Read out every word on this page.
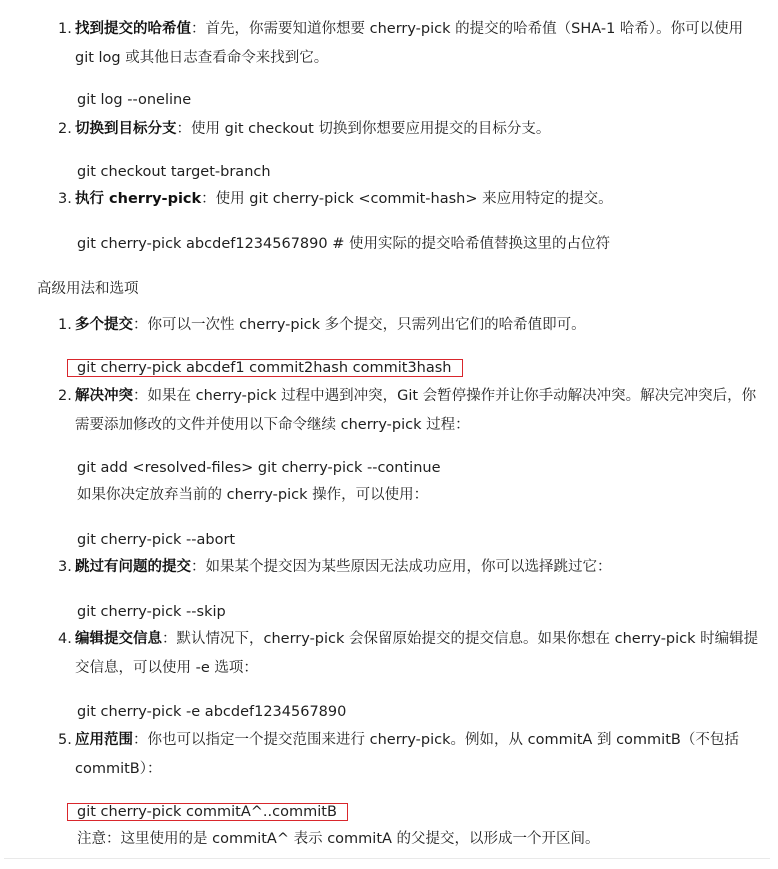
1. 找到提交的哈希值：首先，你需要知道你想要 cherry-pick 的提交的哈希值（SHA-1 哈希）。你可以使用 git log 或其他日志查看命令来找到它。
git log --oneline
2. 切换到目标分支：使用 git checkout 切换到你想要应用提交的目标分支。
git checkout target-branch
3. 执行 cherry-pick：使用 git cherry-pick <commit-hash> 来应用特定的提交。
git cherry-pick abcdef1234567890 # 使用实际的提交哈希值替换这里的占位符
高级用法和选项
1. 多个提交：你可以一次性 cherry-pick 多个提交，只需列出它们的哈希值即可。
git cherry-pick abcdef1 commit2hash commit3hash
2. 解决冲突：如果在 cherry-pick 过程中遇到冲突，Git 会暂停操作并让你手动解决冲突。解决完冲突后，你需要添加修改的文件并使用以下命令继续 cherry-pick 过程：
git add <resolved-files> git cherry-pick --continue
如果你决定放弃当前的 cherry-pick 操作，可以使用：
git cherry-pick --abort
3. 跳过有问题的提交：如果某个提交因为某些原因无法成功应用，你可以选择跳过它：
git cherry-pick --skip
4. 编辑提交信息：默认情况下，cherry-pick 会保留原始提交的提交信息。如果你想在 cherry-pick 时编辑提交信息，可以使用 -e 选项：
git cherry-pick -e abcdef1234567890
5. 应用范围：你也可以指定一个提交范围来进行 cherry-pick。例如，从 commitA 到 commitB（不包括 commitB）：
git cherry-pick commitA^..commitB
注意：这里使用的是 commitA^ 表示 commitA 的父提交，以形成一个开区间。
